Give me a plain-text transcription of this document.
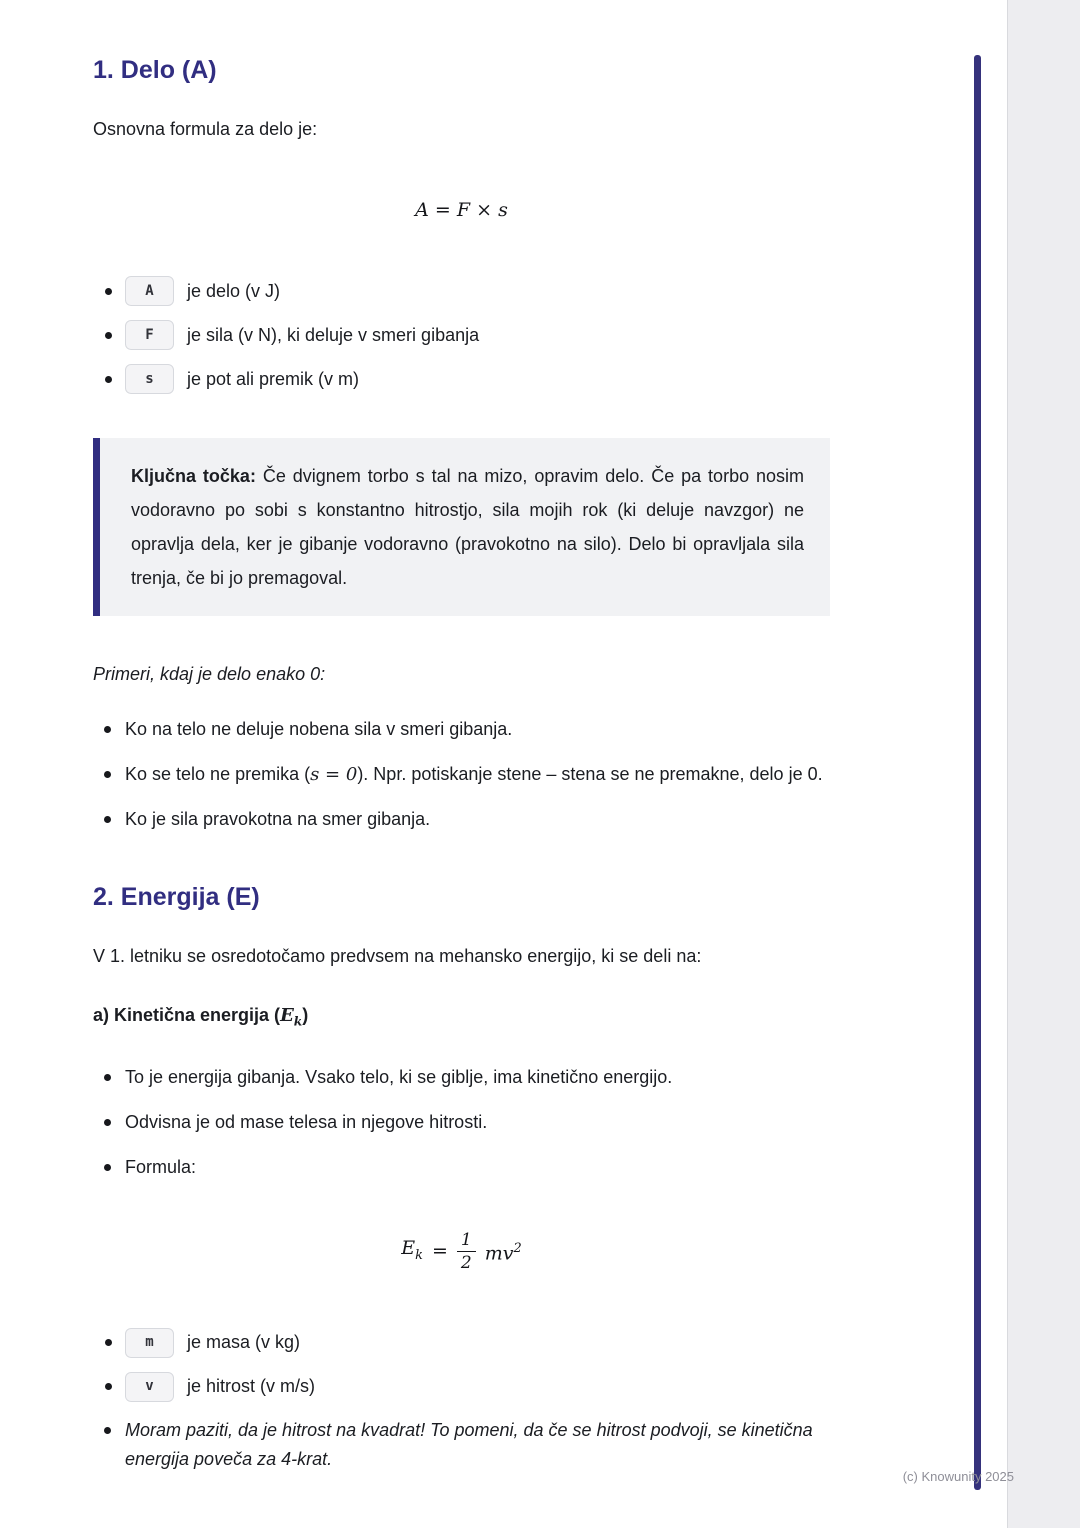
1. Delo (A)

Osnovna formula za delo je:

A = F × s
A	je delo (v J)
F	je sila (v N), ki deluje v smeri gibanja
s	je pot ali premik (v m)

Ključna točka: Če dvignem torbo s tal na mizo, opravim delo. Če pa torbo nosim vodoravno po sobi s konstantno hitrostjo, sila mojih rok (ki deluje navzgor) ne opravlja dela, ker je gibanje vodoravno (pravokotno na silo). Delo bi opravljala sila trenja, če bi jo premagoval.

Primeri, kdaj je delo enako 0:

Ko na telo ne deluje nobena sila v smeri gibanja.
Ko se telo ne premika (s = 0). Npr. potiskanje stene – stena se ne premakne, delo je 0.
Ko je sila pravokotna na smer gibanja.
2. Energija (E)

V 1. letniku se osredotočamo predvsem na mehansko energijo, ki se deli na:

a) Kinetična energija $(E_k)$

To je energija gibanja. Vsako telo, ki se giblje, ima kinetično energijo.
Odvisna je od mase telesa in njegove hitrosti.
Formula:
$E_k = \frac{1}{2} mv^2$
m	je masa (v kg)
v	je hitrost (v m/s)
Moram paziti, da je hitrost na kvadrat! To pomeni, da če se hitrost podvoji, se kinetična energija poveča za 4-krat.
(c) Knowunity 2025
